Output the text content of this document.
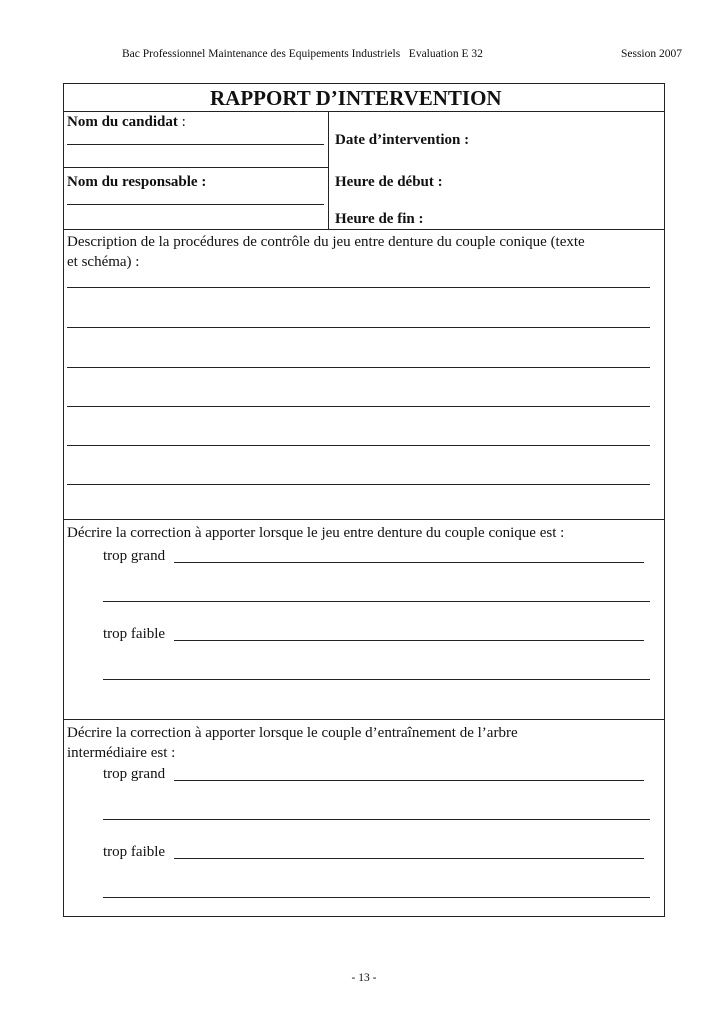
Bac Professionnel Maintenance des Equipements Industriels   Evaluation E 32	Session 2007
RAPPORT D’INTERVENTION
Nom du candidat :
Date d’intervention :
Nom du responsable :	Heure de début :
Heure de fin :
Description de la procédures de contrôle du jeu entre denture du couple conique (texte
et schéma) :
Décrire la correction à apporter lorsque le jeu entre denture du couple conique est :
trop grand
trop faible
Décrire la correction à apporter lorsque le couple d’entraînement de l’arbre
intermédiaire est :
trop grand
trop faible
- 13 -
